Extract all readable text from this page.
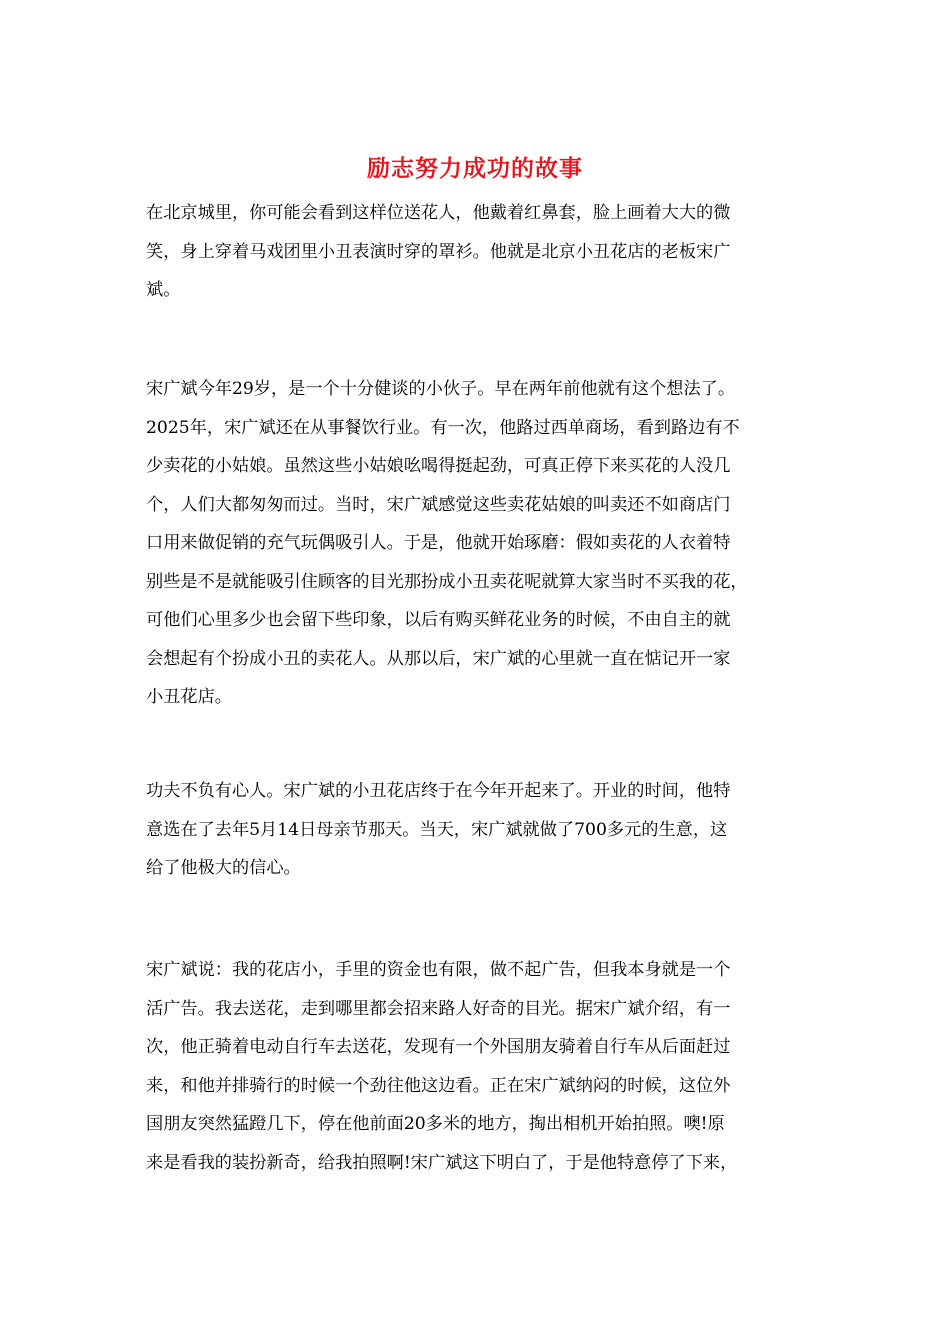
励志努力成功的故事
在北京城里，你可能会看到这样位送花人，他戴着红鼻套，脸上画着大大的微
笑，身上穿着马戏团里小丑表演时穿的罩衫。他就是北京小丑花店的老板宋广
斌。
宋广斌今年29岁，是一个十分健谈的小伙子。早在两年前他就有这个想法了。
2025年，宋广斌还在从事餐饮行业。有一次，他路过西单商场，看到路边有不
少卖花的小姑娘。虽然这些小姑娘吆喝得挺起劲，可真正停下来买花的人没几
个，人们大都匆匆而过。当时，宋广斌感觉这些卖花姑娘的叫卖还不如商店门
口用来做促销的充气玩偶吸引人。于是，他就开始琢磨：假如卖花的人衣着特
别些是不是就能吸引住顾客的目光那扮成小丑卖花呢就算大家当时不买我的花，
可他们心里多少也会留下些印象，以后有购买鲜花业务的时候，不由自主的就
会想起有个扮成小丑的卖花人。从那以后，宋广斌的心里就一直在惦记开一家
小丑花店。
功夫不负有心人。宋广斌的小丑花店终于在今年开起来了。开业的时间，他特
意选在了去年5月14日母亲节那天。当天，宋广斌就做了700多元的生意，这
给了他极大的信心。
宋广斌说：我的花店小，手里的资金也有限，做不起广告，但我本身就是一个
活广告。我去送花，走到哪里都会招来路人好奇的目光。据宋广斌介绍，有一
次，他正骑着电动自行车去送花，发现有一个外国朋友骑着自行车从后面赶过
来，和他并排骑行的时候一个劲往他这边看。正在宋广斌纳闷的时候，这位外
国朋友突然猛蹬几下，停在他前面20多米的地方，掏出相机开始拍照。噢!原
来是看我的装扮新奇，给我拍照啊!宋广斌这下明白了，于是他特意停了下来，
